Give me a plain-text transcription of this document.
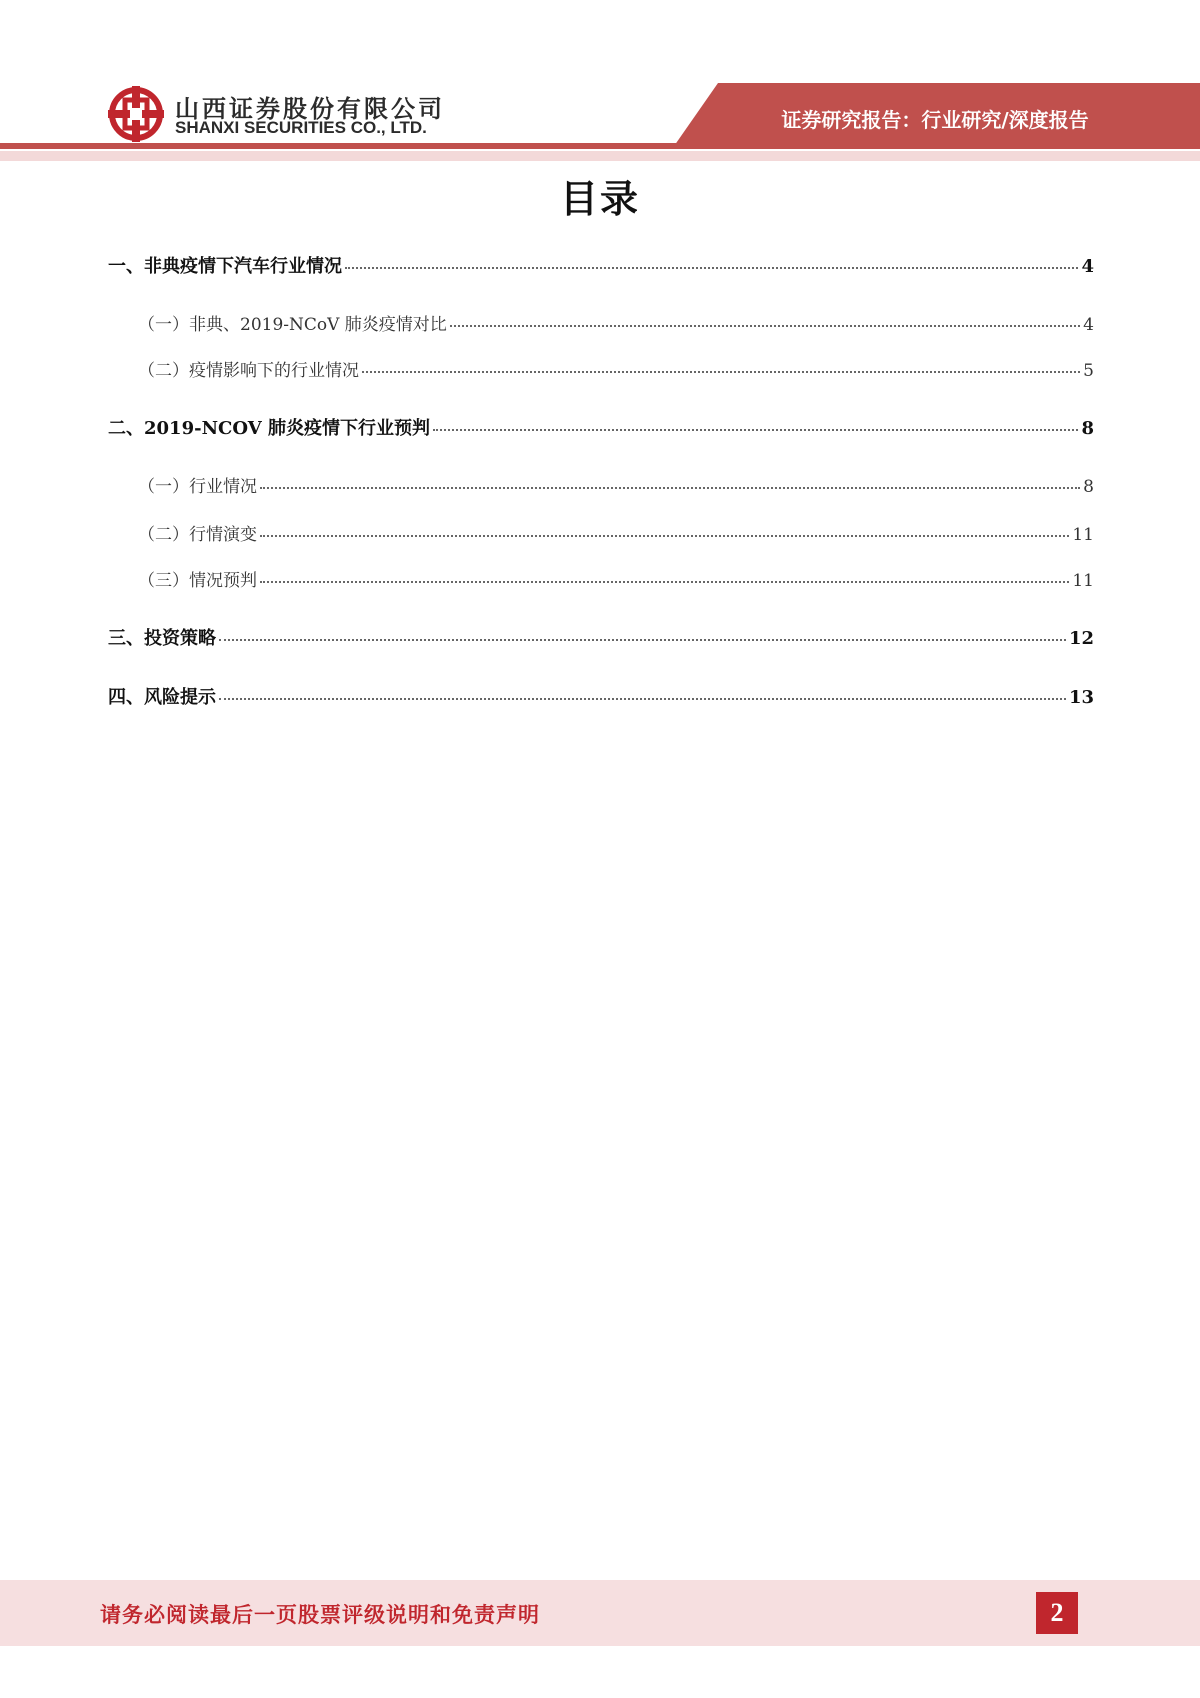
山西证券股份有限公司
SHANXI SECURITIES CO., LTD.	证券研究报告：行业研究/深度报告
目录
一、非典疫情下汽车行业情况	4
（一）非典、2019-NCoV 肺炎疫情对比	4
（二）疫情影响下的行业情况	5
二、2019-NCOV 肺炎疫情下行业预判	8
（一）行业情况	8
（二）行情演变	11
（三）情况预判	11
三、投资策略	12
四、风险提示	13
请务必阅读最后一页股票评级说明和免责声明	2
